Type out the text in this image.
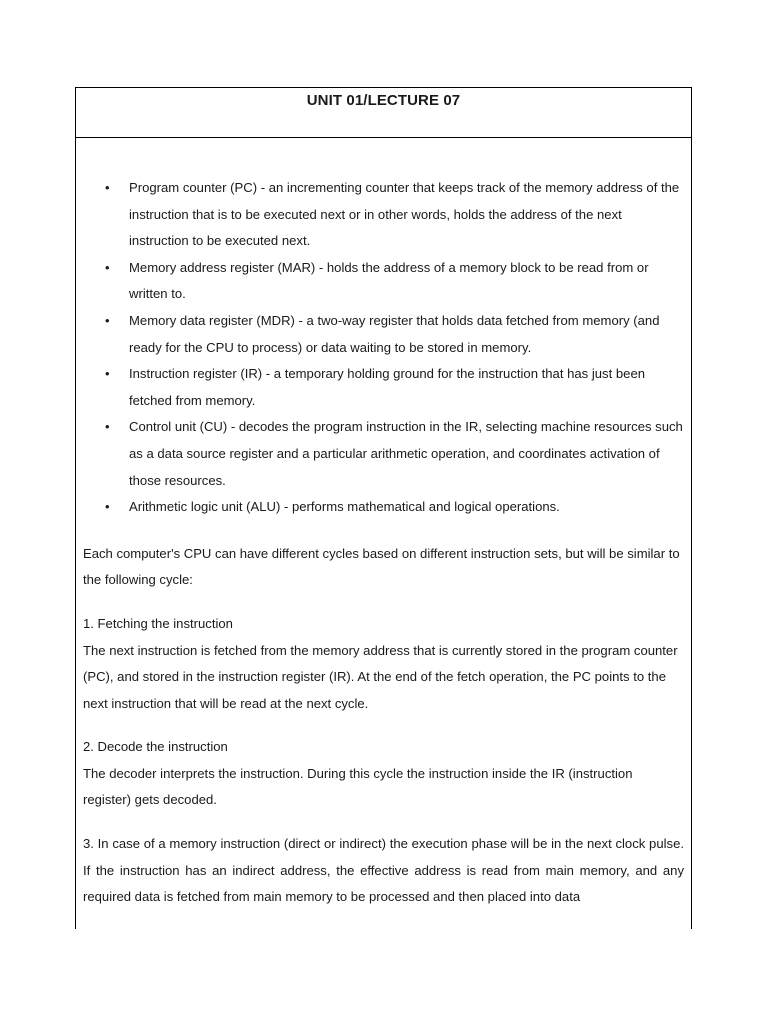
UNIT 01/LECTURE 07
• Program counter (PC) - an incrementing counter that keeps track of the memory address of the instruction that is to be executed next or in other words, holds the address of the next instruction to be executed next.
• Memory address register (MAR) - holds the address of a memory block to be read from or written to.
• Memory data register (MDR) - a two-way register that holds data fetched from memory (and ready for the CPU to process) or data waiting to be stored in memory.
• Instruction register (IR) - a temporary holding ground for the instruction that has just been fetched from memory.
• Control unit (CU) - decodes the program instruction in the IR, selecting machine resources such as a data source register and a particular arithmetic operation, and coordinates activation of those resources.
• Arithmetic logic unit (ALU) - performs mathematical and logical operations.

Each computer's CPU can have different cycles based on different instruction sets, but will be similar to the following cycle:

1. Fetching the instruction

The next instruction is fetched from the memory address that is currently stored in the program counter (PC), and stored in the instruction register (IR). At the end of the fetch operation, the PC points to the next instruction that will be read at the next cycle.

2. Decode the instruction

The decoder interprets the instruction. During this cycle the instruction inside the IR (instruction register) gets decoded.

3. In case of a memory instruction (direct or indirect) the execution phase will be in the next clock pulse.

If the instruction has an indirect address, the effective address is read from main memory, and any required data is fetched from main memory to be processed and then placed into data
